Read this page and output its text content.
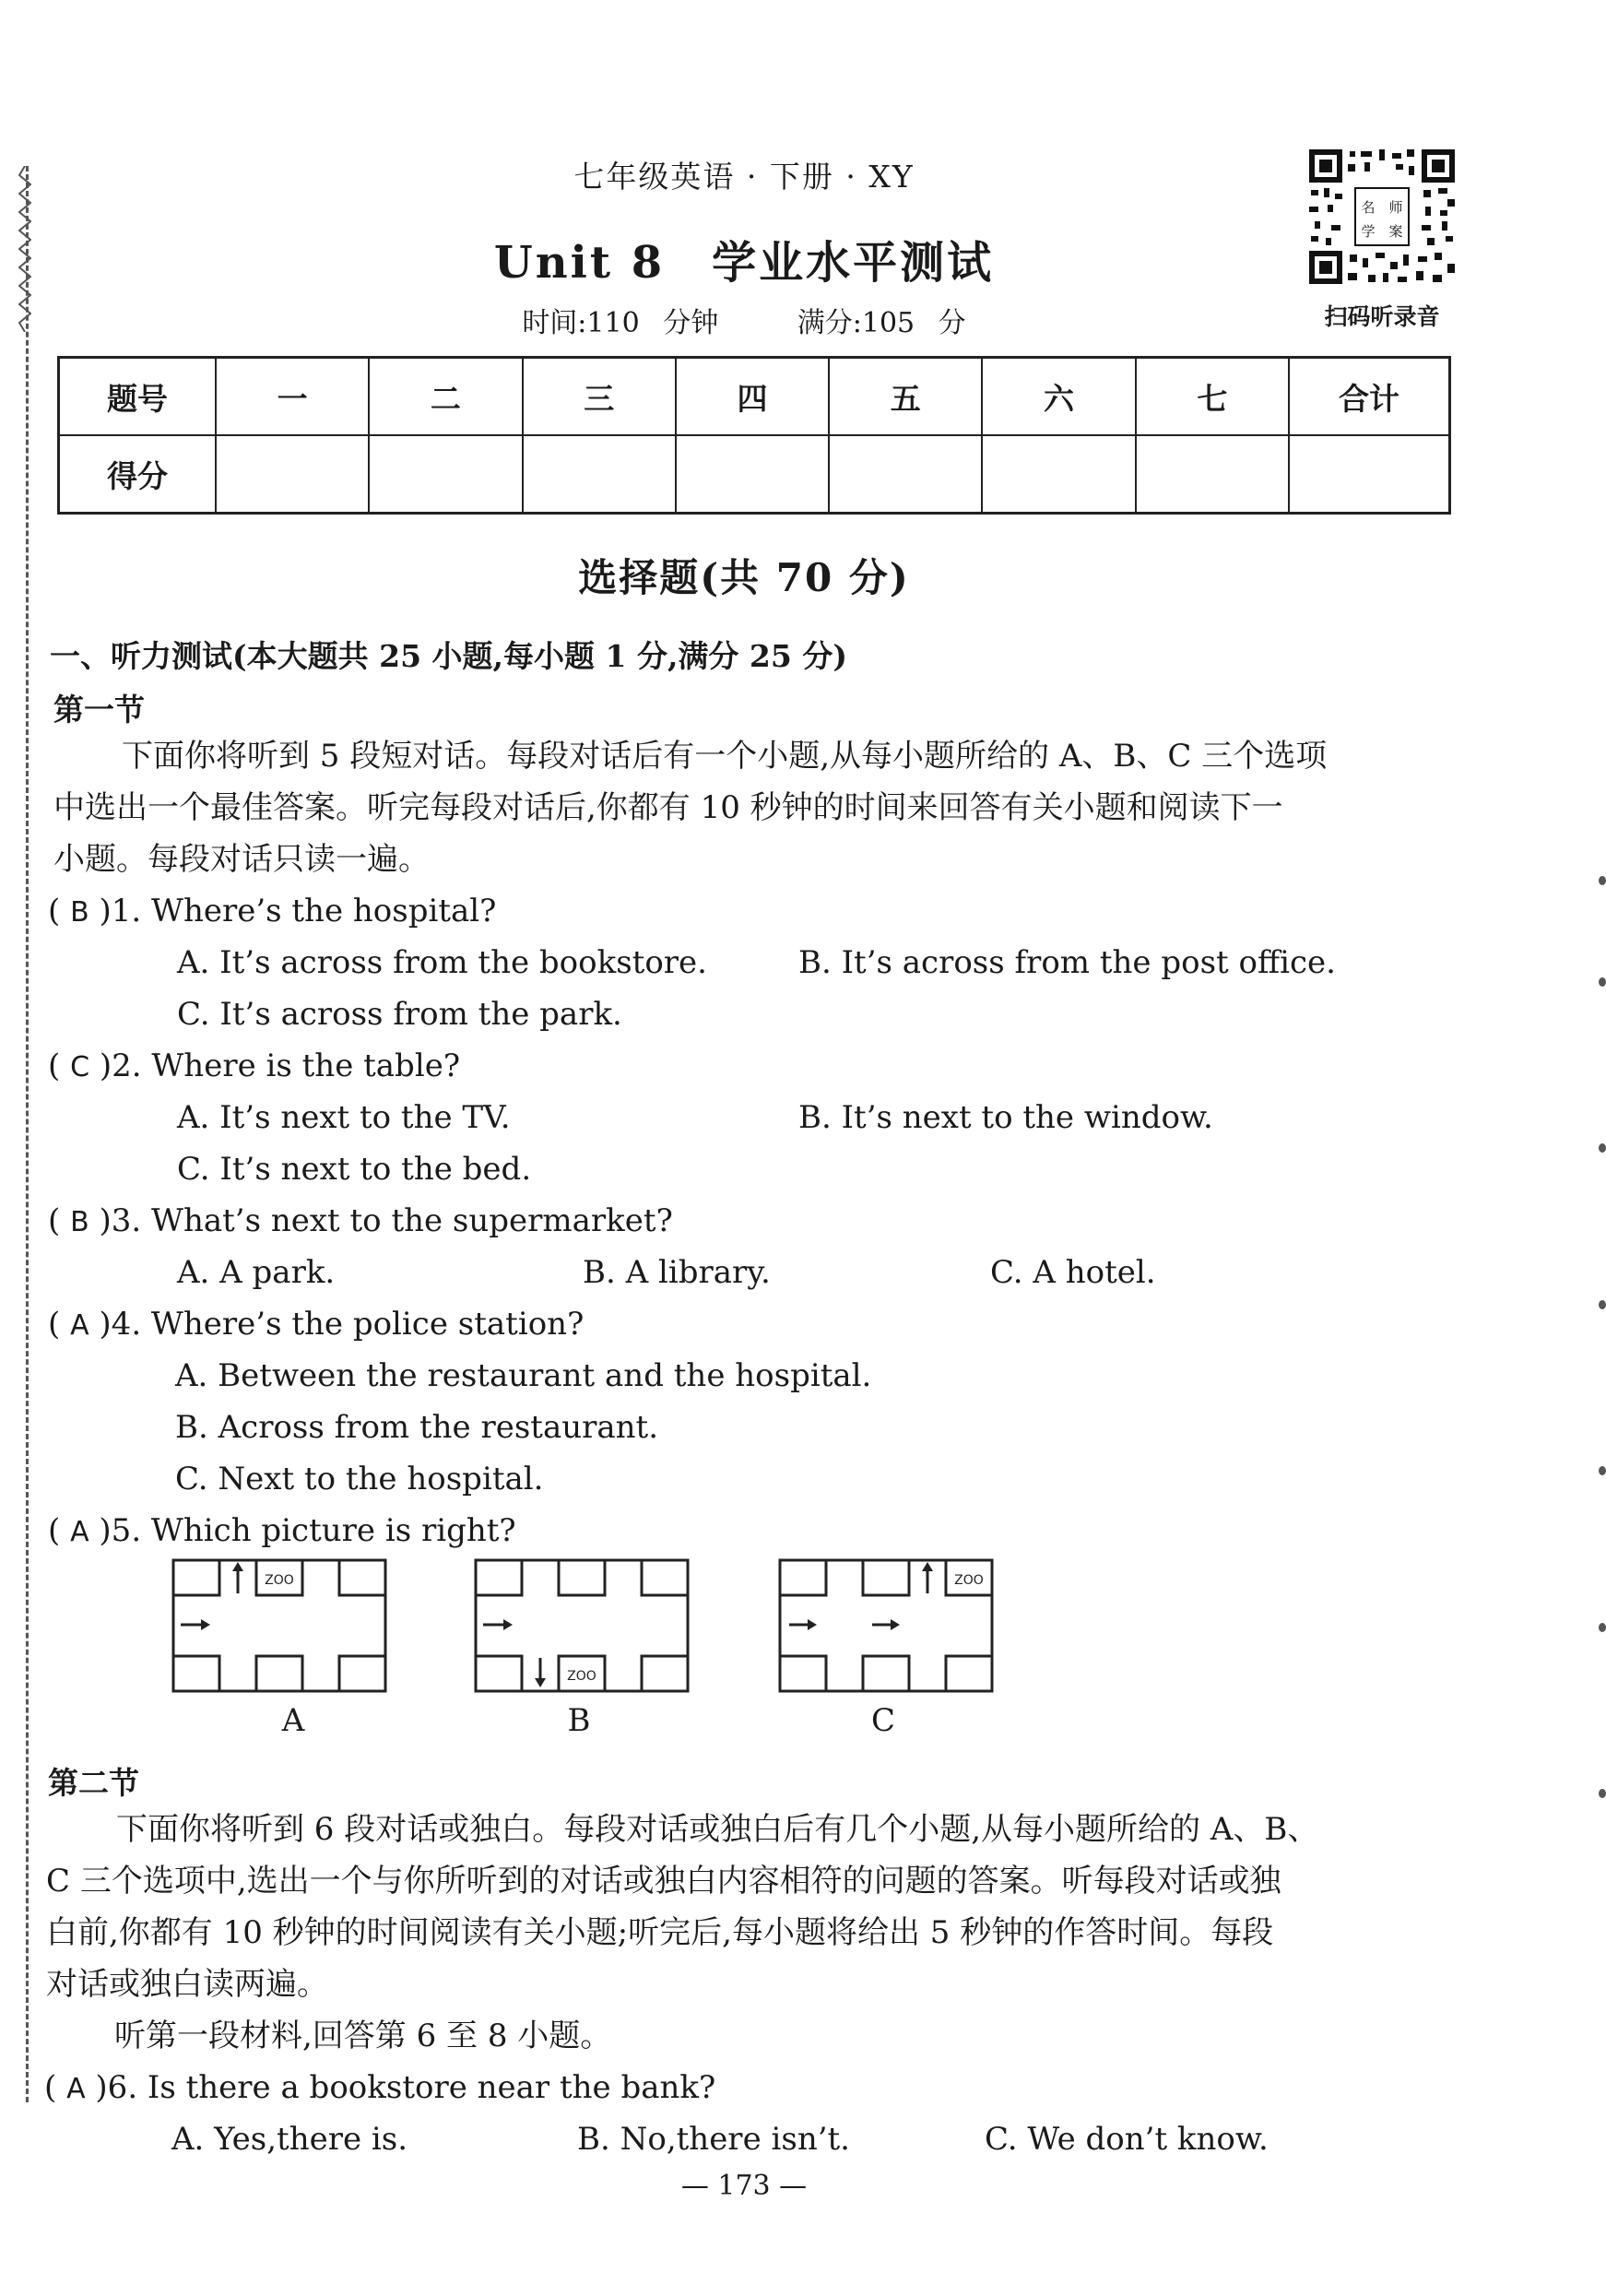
七年级英语 · 下册 · XY
Unit 8　学业水平测试
时间:110 分钟　　	满分:105 分
名 师
学 案
扫码听录音
题号	一	二	三	四	五	六	七	合计
得分								
选择题(共 70 分)
一、听力测试(本大题共 25 小题,每小题 1 分,满分 25 分)
第一节
下面你将听到 5 段短对话。每段对话后有一个小题,从每小题所给的 A、B、C 三个选项
中选出一个最佳答案。听完每段对话后,你都有 10 秒钟的时间来回答有关小题和阅读下一
小题。每段对话只读一遍。
( B )1. Where’s the hospital?
A. It’s across from the bookstore.	B. It’s across from the post office.
C. It’s across from the park.
( C )2. Where is the table?
A. It’s next to the TV.	B. It’s next to the window.
C. It’s next to the bed.
( B )3. What’s next to the supermarket?
A. A park.	B. A library.	C. A hotel.
( A )4. Where’s the police station?
A. Between the restaurant and the hospital.
B. Across from the restaurant.
C. Next to the hospital.
( A )5. Which picture is right?
ZOO
A
ZOO
B
ZOO
C
第二节
下面你将听到 6 段对话或独白。每段对话或独白后有几个小题,从每小题所给的 A、B、
C 三个选项中,选出一个与你所听到的对话或独白内容相符的问题的答案。听每段对话或独
白前,你都有 10 秒钟的时间阅读有关小题;听完后,每小题将给出 5 秒钟的作答时间。每段
对话或独白读两遍。
听第一段材料,回答第 6 至 8 小题。
( A )6. Is there a bookstore near the bank?
A. Yes,there is.	B. No,there isn’t.	C. We don’t know.
— 173 —
